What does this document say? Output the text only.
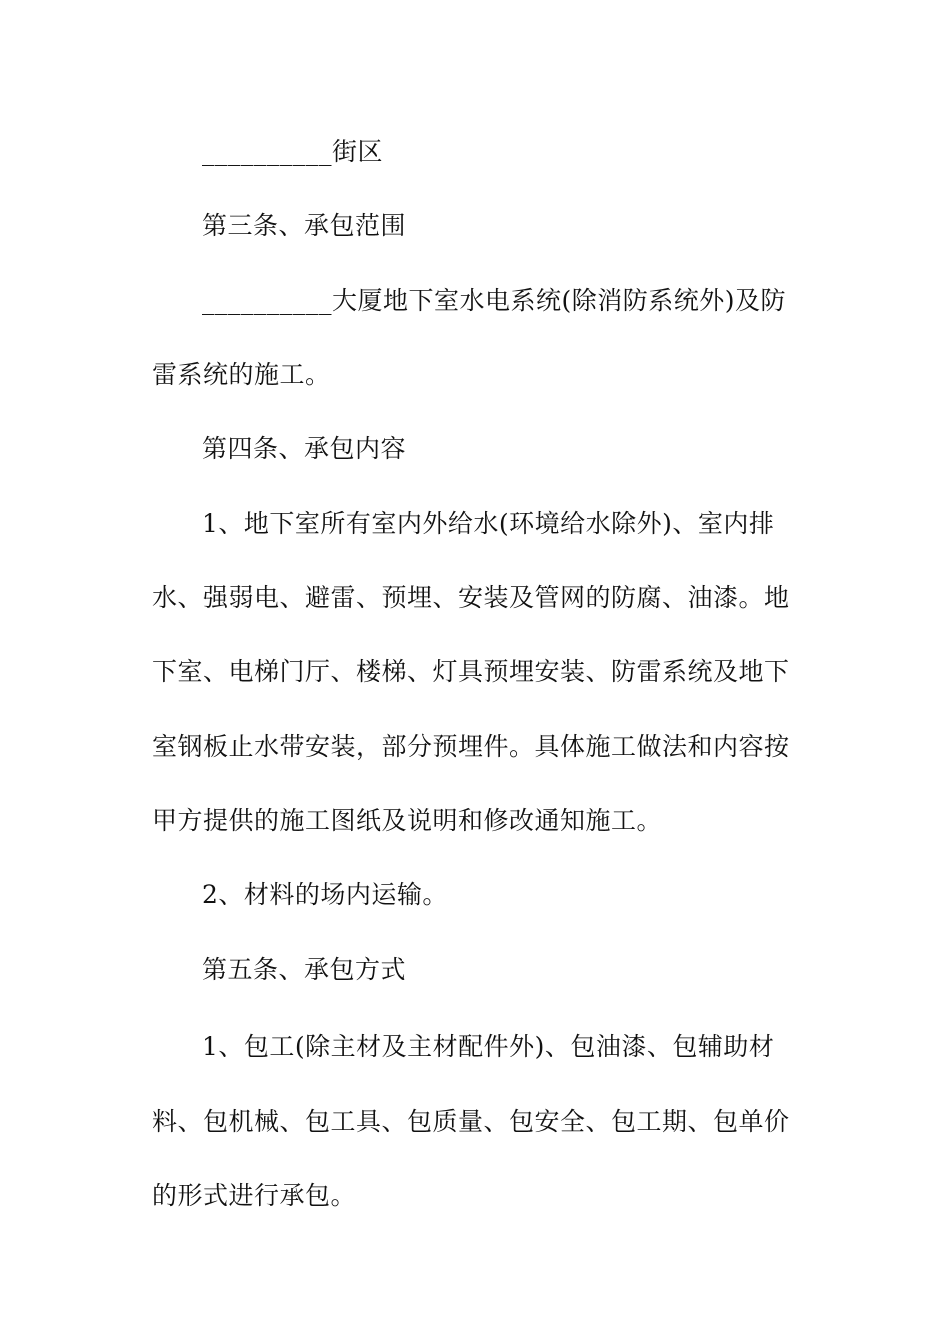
__________街区
第三条、承包范围
__________大厦地下室水电系统(除消防系统外)及防
雷系统的施工。
第四条、承包内容
1、地下室所有室内外给水(环境给水除外)、室内排
水、强弱电、避雷、预埋、安装及管网的防腐、油漆。地
下室、电梯门厅、楼梯、灯具预埋安装、防雷系统及地下
室钢板止水带安装，部分预埋件。具体施工做法和内容按
甲方提供的施工图纸及说明和修改通知施工。
2、材料的场内运输。
第五条、承包方式
1、包工(除主材及主材配件外)、包油漆、包辅助材
料、包机械、包工具、包质量、包安全、包工期、包单价
的形式进行承包。
